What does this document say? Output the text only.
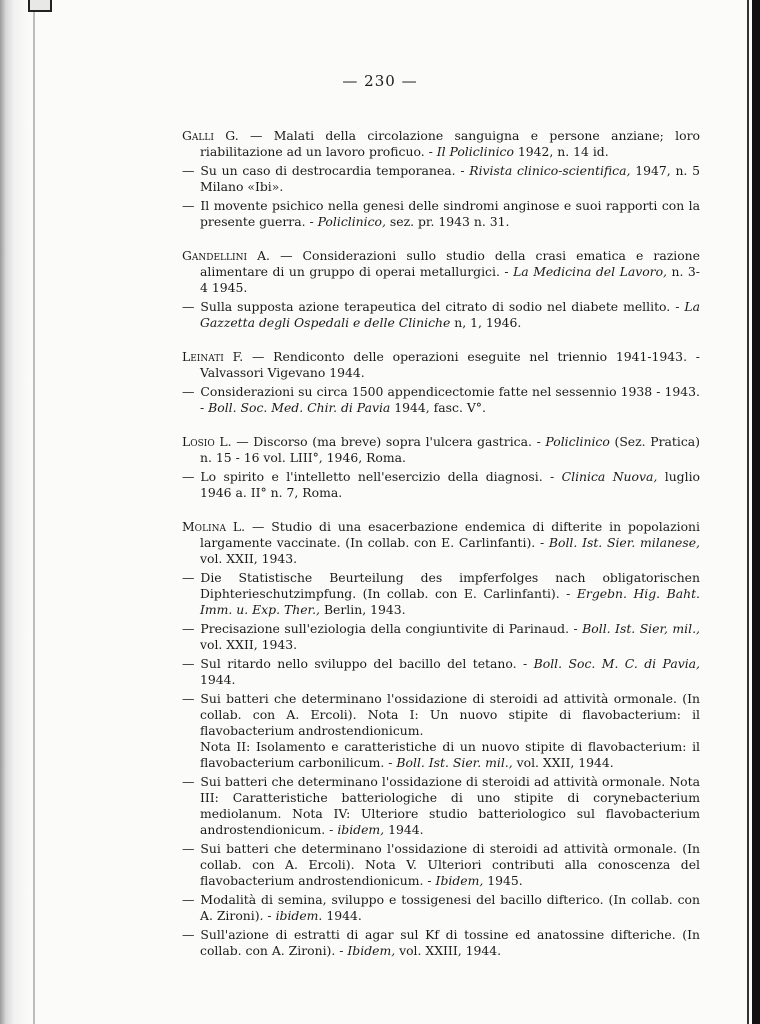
— 230 —

Galli G. — Malati della circolazione sanguigna e persone anziane; loro riabilitazione ad un lavoro proficuo. - Il Policlinico 1942, n. 14 id.

— Su un caso di destrocardia temporanea. - Rivista clinico-scientifica, 1947, n. 5 Milano «Ibi».

— Il movente psichico nella genesi delle sindromi anginose e suoi rapporti con la presente guerra. - Policlinico, sez. pr. 1943 n. 31.

Gandellini A. — Considerazioni sullo studio della crasi ematica e razione alimentare di un gruppo di operai metallurgici. - La Medicina del Lavoro, n. 3-4 1945.

— Sulla supposta azione terapeutica del citrato di sodio nel diabete mellito. - La Gazzetta degli Ospedali e delle Cliniche n, 1, 1946.

Leinati F. — Rendiconto delle operazioni eseguite nel triennio 1941-1943. - Valvassori Vigevano 1944.

— Considerazioni su circa 1500 appendicectomie fatte nel sessennio 1938 - 1943. - Boll. Soc. Med. Chir. di Pavia 1944, fasc. V°.

Losio L. — Discorso (ma breve) sopra l'ulcera gastrica. - Policlinico (Sez. Pratica) n. 15 - 16 vol. LIII°, 1946, Roma.

— Lo spirito e l'intelletto nell'esercizio della diagnosi. - Clinica Nuova, luglio 1946 a. II° n. 7, Roma.

Molina L. — Studio di una esacerbazione endemica di difterite in popolazioni largamente vaccinate. (In collab. con E. Carlinfanti). - Boll. Ist. Sier. milanese, vol. XXII, 1943.

— Die Statistische Beurteilung des impferfolges nach obligatorischen Diphterieschutzimpfung. (In collab. con E. Carlinfanti). - Ergebn. Hig. Baht. Imm. u. Exp. Ther., Berlin, 1943.

— Precisazione sull'eziologia della congiuntivite di Parinaud. - Boll. Ist. Sier, mil., vol. XXII, 1943.

— Sul ritardo nello sviluppo del bacillo del tetano. - Boll. Soc. M. C. di Pavia, 1944.

— Sui batteri che determinano l'ossidazione di steroidi ad attività ormonale. (In collab. con A. Ercoli). Nota I: Un nuovo stipite di flavobacterium: il flavobacterium androstendionicum.
Nota II: Isolamento e caratteristiche di un nuovo stipite di flavobacterium: il flavobacterium carbonilicum. - Boll. Ist. Sier. mil., vol. XXII, 1944.

— Sui batteri che determinano l'ossidazione di steroidi ad attività ormonale. Nota III: Caratteristiche batteriologiche di uno stipite di corynebacterium mediolanum. Nota IV: Ulteriore studio batteriologico sul flavobacterium androstendionicum. - ibidem, 1944.

— Sui batteri che determinano l'ossidazione di steroidi ad attività ormonale. (In collab. con A. Ercoli). Nota V. Ulteriori contributi alla conoscenza del flavobacterium androstendionicum. - Ibidem, 1945.

— Modalità di semina, sviluppo e tossigenesi del bacillo difterico. (In collab. con A. Zironi). - ibidem. 1944.

— Sull'azione di estratti di agar sul Kf di tossine ed anatossine difteriche. (In collab. con A. Zironi). - Ibidem, vol. XXIII, 1944.
